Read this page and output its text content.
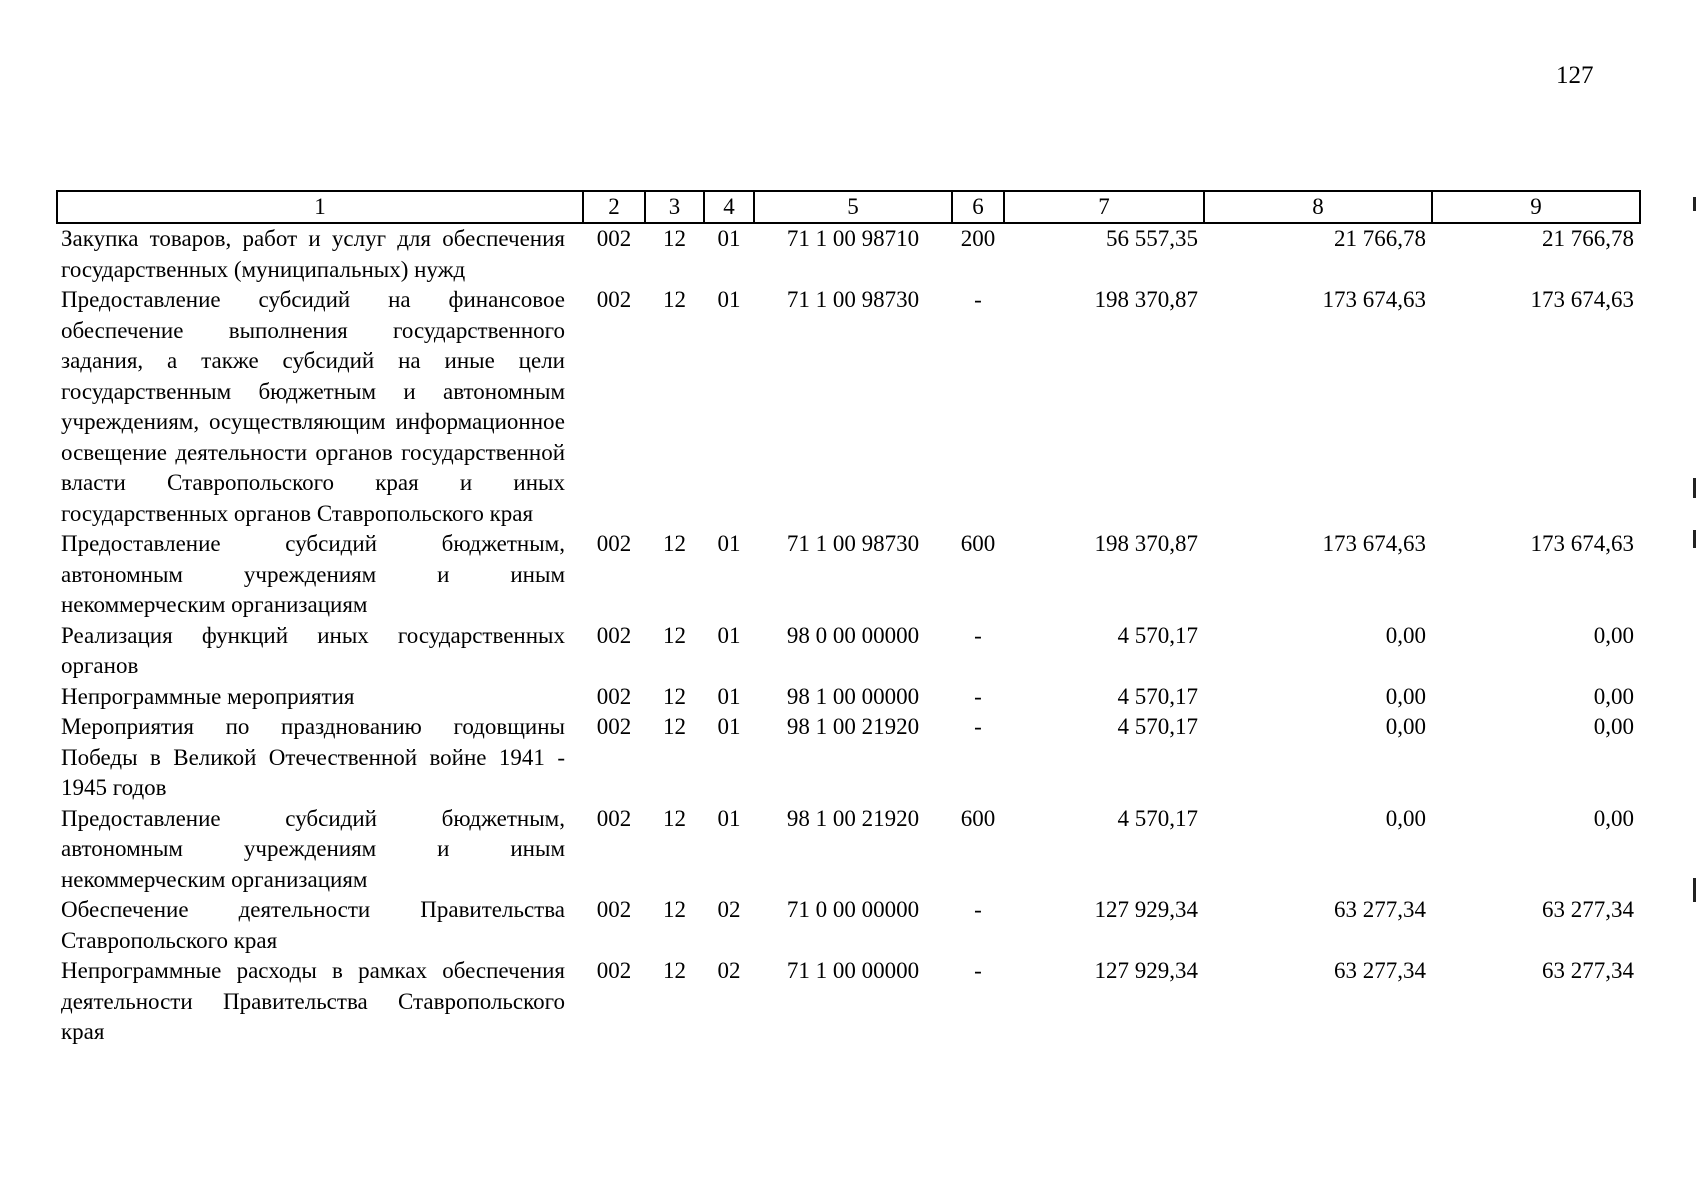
127
1	2	3	4	5	6	7	8	9
Закупка товаров, работ и услуг для обеспечения государственных (муниципальных) нужд	002	12	01	71 1 00 98710	200	56 557,35	21 766,78	21 766,78
Предоставление субсидий на финансовое обеспечение выполнения государственного задания, а также субсидий на иные цели государственным бюджетным и автономным учреждениям, осуществляющим информационное освещение деятельности органов государственной власти Ставропольского края и иных государственных органов Ставропольского края	002	12	01	71 1 00 98730	-	198 370,87	173 674,63	173 674,63
Предоставление субсидий бюджетным, автономным учреждениям и иным некоммерческим организациям	002	12	01	71 1 00 98730	600	198 370,87	173 674,63	173 674,63
Реализация функций иных государственных органов	002	12	01	98 0 00 00000	-	4 570,17	0,00	0,00
Непрограммные мероприятия	002	12	01	98 1 00 00000	-	4 570,17	0,00	0,00
Мероприятия по празднованию годовщины Победы в Великой Отечественной войне 1941 - 1945 годов	002	12	01	98 1 00 21920	-	4 570,17	0,00	0,00
Предоставление субсидий бюджетным, автономным учреждениям и иным некоммерческим организациям	002	12	01	98 1 00 21920	600	4 570,17	0,00	0,00
Обеспечение деятельности Правительства Ставропольского края	002	12	02	71 0 00 00000	-	127 929,34	63 277,34	63 277,34
Непрограммные расходы в рамках обеспечения деятельности Правительства Ставропольского края	002	12	02	71 1 00 00000	-	127 929,34	63 277,34	63 277,34
